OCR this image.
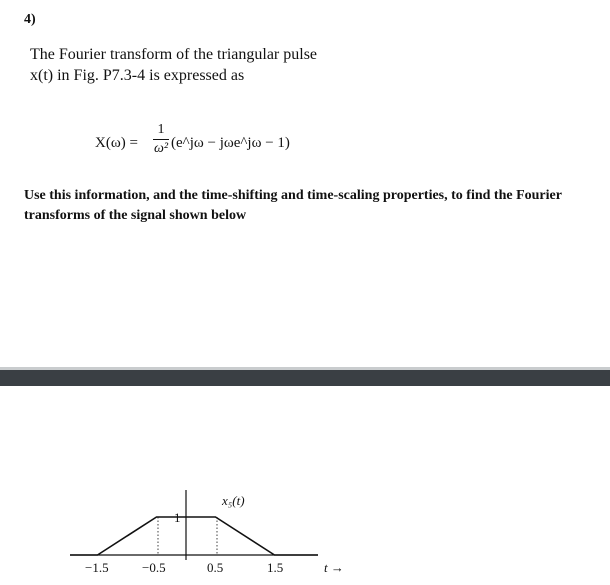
4)
The Fourier transform of the triangular pulse
x(t) in Fig. P7.3-4 is expressed as
X(ω) =
1
ω² (e^jω − jωe^jω − 1)
Use this information, and the time-shifting and time-scaling properties, to find the Fourier transforms of the signal shown below
1
x₅(t)
−1.5	−0.5	0.5	1.5	t →
